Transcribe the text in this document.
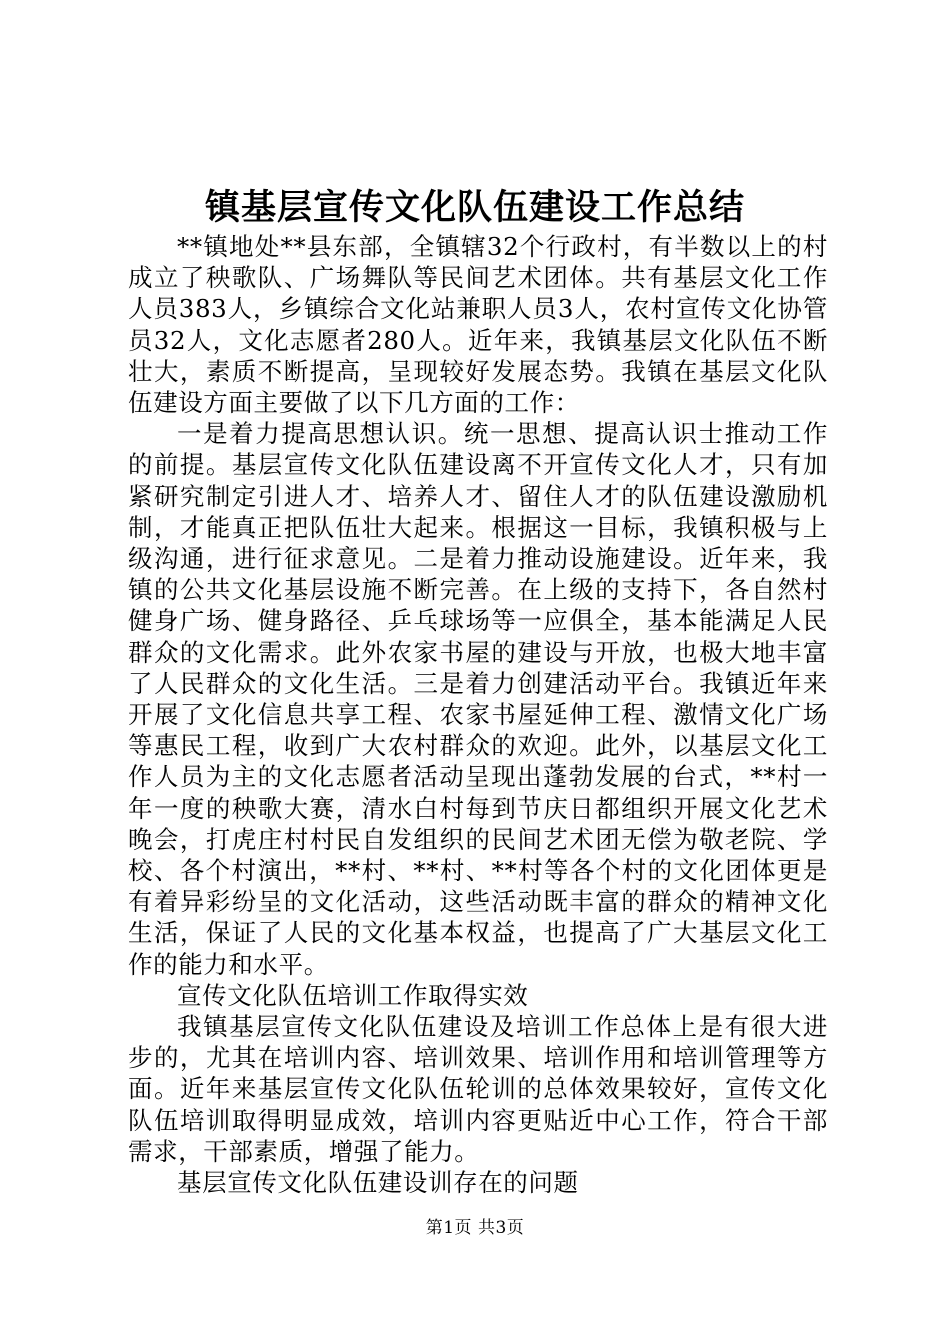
镇基层宣传文化队伍建设工作总结

**镇地处**县东部，全镇辖32个行政村，有半数以上的村成立了秧歌队、广场舞队等民间艺术团体。共有基层文化工作人员383人，乡镇综合文化站兼职人员3人，农村宣传文化协管员32人，文化志愿者280人。近年来，我镇基层文化队伍不断壮大，素质不断提高，呈现较好发展态势。我镇在基层文化队伍建设方面主要做了以下几方面的工作：

一是着力提高思想认识。统一思想、提高认识士推动工作的前提。基层宣传文化队伍建设离不开宣传文化人才，只有加紧研究制定引进人才、培养人才、留住人才的队伍建设激励机制，才能真正把队伍壮大起来。根据这一目标，我镇积极与上级沟通，进行征求意见。二是着力推动设施建设。近年来，我镇的公共文化基层设施不断完善。在上级的支持下，各自然村健身广场、健身路径、乒乓球场等一应俱全，基本能满足人民群众的文化需求。此外农家书屋的建设与开放，也极大地丰富了人民群众的文化生活。三是着力创建活动平台。我镇近年来开展了文化信息共享工程、农家书屋延伸工程、激情文化广场等惠民工程，收到广大农村群众的欢迎。此外，以基层文化工作人员为主的文化志愿者活动呈现出蓬勃发展的台式，**村一年一度的秧歌大赛，清水白村每到节庆日都组织开展文化艺术晚会，打虎庄村村民自发组织的民间艺术团无偿为敬老院、学校、各个村演出，**村、**村、**村等各个村的文化团体更是有着异彩纷呈的文化活动，这些活动既丰富的群众的精神文化生活，保证了人民的文化基本权益，也提高了广大基层文化工作的能力和水平。

宣传文化队伍培训工作取得实效

我镇基层宣传文化队伍建设及培训工作总体上是有很大进步的，尤其在培训内容、培训效果、培训作用和培训管理等方面。近年来基层宣传文化队伍轮训的总体效果较好，宣传文化队伍培训取得明显成效，培训内容更贴近中心工作，符合干部需求，干部素质，增强了能力。

基层宣传文化队伍建设训存在的问题

第1页 共3页
